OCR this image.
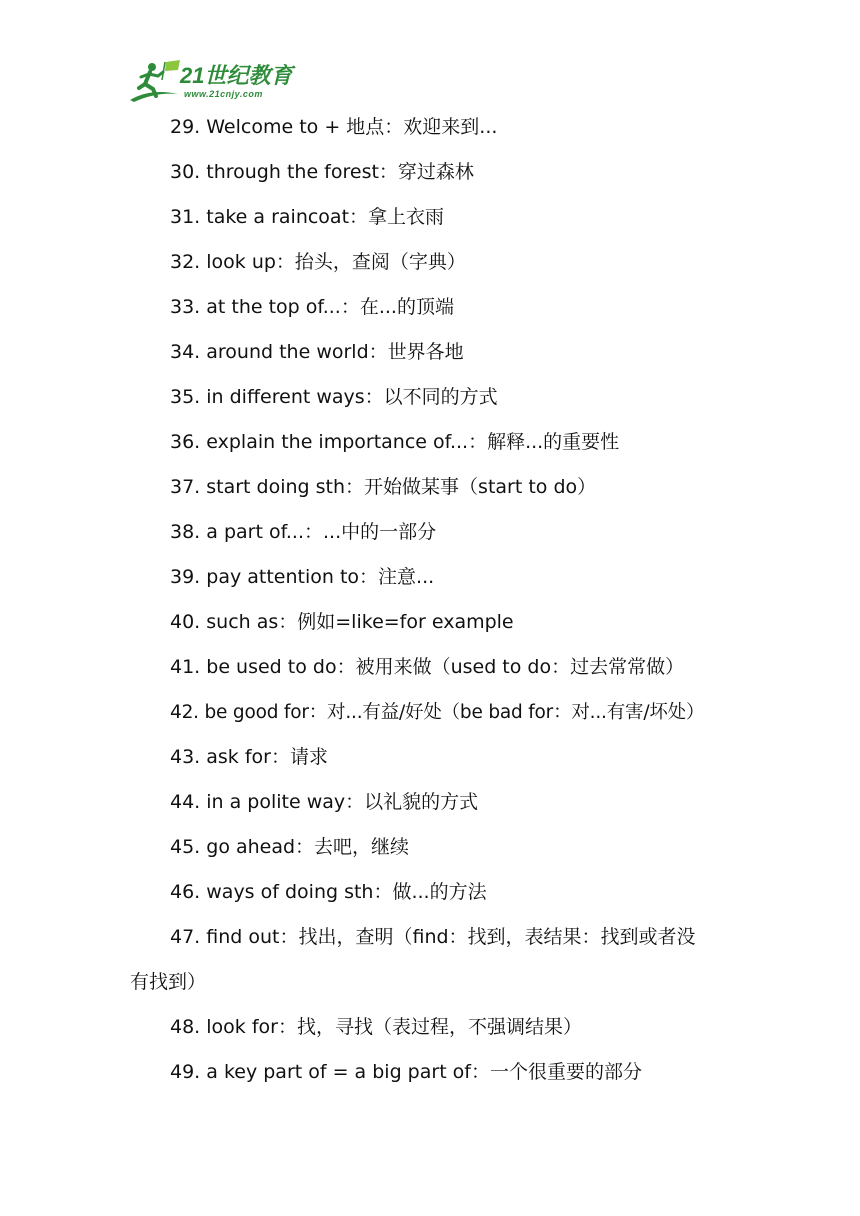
21世纪教育
www.21cnjy.com
29. Welcome to + 地点：欢迎来到...
30. through the forest：穿过森林
31. take a raincoat：拿上衣雨
32. look up：抬头，查阅（字典）
33. at the top of...：在...的顶端
34. around the world：世界各地
35. in different ways：以不同的方式
36. explain the importance of...：解释...的重要性
37. start doing sth：开始做某事（start to do）
38. a part of...：...中的一部分
39. pay attention to：注意...
40. such as：例如=like=for example
41. be used to do：被用来做（used to do：过去常常做）
42. be good for：对...有益/好处（be bad for：对...有害/坏处）
43. ask for：请求
44. in a polite way：以礼貌的方式
45. go ahead：去吧，继续
46. ways of doing sth：做...的方法
47. find out：找出，查明（find：找到，表结果：找到或者没
有找到）
48. look for：找，寻找（表过程，不强调结果）
49. a key part of = a big part of：一个很重要的部分
